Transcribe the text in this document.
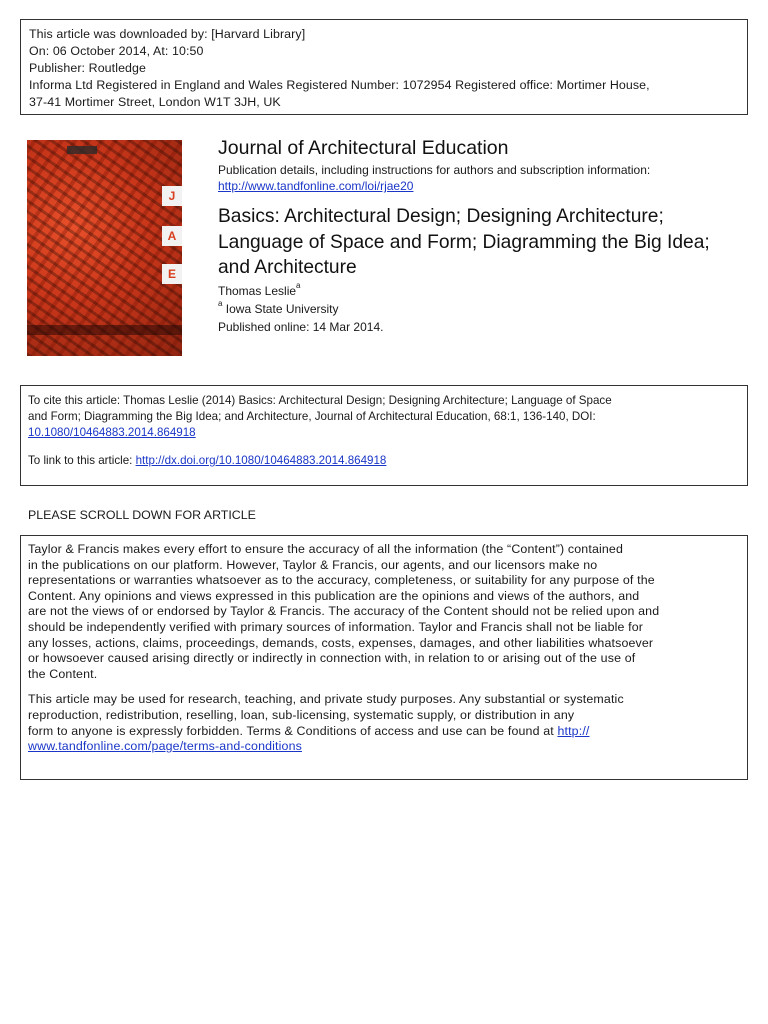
This article was downloaded by: [Harvard Library]
On: 06 October 2014, At: 10:50
Publisher: Routledge
Informa Ltd Registered in England and Wales Registered Number: 1072954 Registered office: Mortimer House,
37-41 Mortimer Street, London W1T 3JH, UK
J
A
E
Journal of Architectural Education
Publication details, including instructions for authors and subscription information:
http://www.tandfonline.com/loi/rjae20
Basics: Architectural Design; Designing Architecture; Language of Space and Form; Diagramming the Big Idea; and Architecture
Thomas Leslie$^a$
$^a$ Iowa State University
Published online: 14 Mar 2014.
To cite this article: Thomas Leslie (2014) Basics: Architectural Design; Designing Architecture; Language of Space
and Form; Diagramming the Big Idea; and Architecture, Journal of Architectural Education, 68:1, 136-140, DOI:
10.1080/10464883.2014.864918
To link to this article: http://dx.doi.org/10.1080/10464883.2014.864918
PLEASE SCROLL DOWN FOR ARTICLE
Taylor & Francis makes every effort to ensure the accuracy of all the information (the “Content”) contained
in the publications on our platform. However, Taylor & Francis, our agents, and our licensors make no
representations or warranties whatsoever as to the accuracy, completeness, or suitability for any purpose of the
Content. Any opinions and views expressed in this publication are the opinions and views of the authors, and
are not the views of or endorsed by Taylor & Francis. The accuracy of the Content should not be relied upon and
should be independently verified with primary sources of information. Taylor and Francis shall not be liable for
any losses, actions, claims, proceedings, demands, costs, expenses, damages, and other liabilities whatsoever
or howsoever caused arising directly or indirectly in connection with, in relation to or arising out of the use of
the Content.
This article may be used for research, teaching, and private study purposes. Any substantial or systematic
reproduction, redistribution, reselling, loan, sub-licensing, systematic supply, or distribution in any
form to anyone is expressly forbidden. Terms & Conditions of access and use can be found at http://
www.tandfonline.com/page/terms-and-conditions
